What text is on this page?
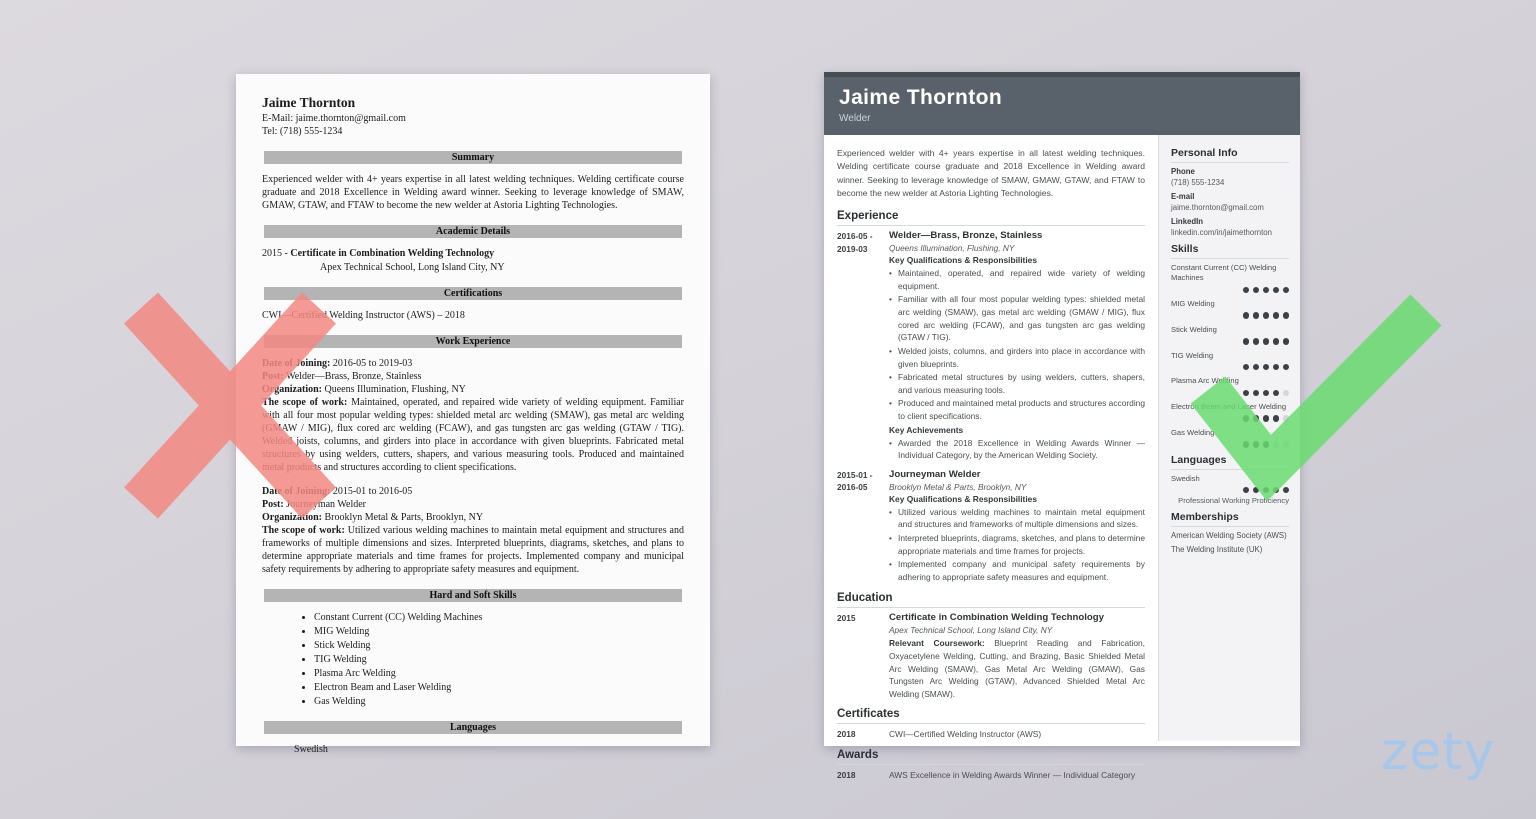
Jaime Thornton
E-Mail: jaime.thornton@gmail.com
Tel: (718) 555-1234
Summary

Experienced welder with 4+ years expertise in all latest welding techniques. Welding certificate course graduate and 2018 Excellence in Welding award winner. Seeking to leverage knowledge of SMAW, GMAW, GTAW, and FTAW to become the new welder at Astoria Lighting Technologies.

Academic Details

2015 - Certificate in Combination Welding Technology

Apex Technical School, Long Island City, NY

Certifications

CWI—Certified Welding Instructor (AWS) – 2018

Work Experience

Date of Joining: 2016-05 to 2019-03

Post: Welder—Brass, Bronze, Stainless

Organization: Queens Illumination, Flushing, NY

The scope of work: Maintained, operated, and repaired wide variety of welding equipment. Familiar with all four most popular welding types: shielded metal arc welding (SMAW), gas metal arc welding (GMAW / MIG), flux cored arc welding (FCAW), and gas tungsten arc gas welding (GTAW / TIG). Welded joists, columns, and girders into place in accordance with given blueprints. Fabricated metal structures by using welders, cutters, shapers, and various measuring tools. Produced and maintained metal products and structures according to client specifications.

Date of Joining: 2015-01 to 2016-05

Post: Journeyman Welder

Organization: Brooklyn Metal & Parts, Brooklyn, NY

The scope of work: Utilized various welding machines to maintain metal equipment and structures and frameworks of multiple dimensions and sizes. Interpreted blueprints, diagrams, sketches, and plans to determine appropriate materials and time frames for projects. Implemented company and municipal safety requirements by adhering to appropriate safety measures and equipment.

Hard and Soft Skills
• Constant Current (CC) Welding Machines
• MIG Welding
• Stick Welding
• TIG Welding
• Plasma Arc Welding
• Electron Beam and Laser Welding
• Gas Welding
Languages

Swedish

Jaime Thornton
Welder

Experienced welder with 4+ years expertise in all latest welding techniques. Welding certificate course graduate and 2018 Excellence in Welding award winner. Seeking to leverage knowledge of SMAW, GMAW, GTAW, and FTAW to become the new welder at Astoria Lighting Technologies.

Experience
2016-05 -
2019-03
Welder—Brass, Bronze, Stainless
Queens Illumination, Flushing, NY
Key Qualifications & Responsibilities
• Maintained, operated, and repaired wide variety of welding equipment.
• Familiar with all four most popular welding types: shielded metal arc welding (SMAW), gas metal arc welding (GMAW / MIG), flux cored arc welding (FCAW), and gas tungsten arc gas welding (GTAW / TIG).
• Welded joists, columns, and girders into place in accordance with given blueprints.
• Fabricated metal structures by using welders, cutters, shapers, and various measuring tools.
• Produced and maintained metal products and structures according to client specifications.
Key Achievements
• Awarded the 2018 Excellence in Welding Awards Winner — Individual Category, by the American Welding Society.
2015-01 -
2016-05
Journeyman Welder
Brooklyn Metal & Parts, Brooklyn, NY
Key Qualifications & Responsibilities
• Utilized various welding machines to maintain metal equipment and structures and frameworks of multiple dimensions and sizes.
• Interpreted blueprints, diagrams, sketches, and plans to determine appropriate materials and time frames for projects.
• Implemented company and municipal safety requirements by adhering to appropriate safety measures and equipment.
Education
2015	Certificate in Combination Welding Technology
Apex Technical School, Long Island City, NY

Relevant Coursework: Blueprint Reading and Fabrication, Oxyacetylene Welding, Cutting, and Brazing, Basic Shielded Metal Arc Welding (SMAW), Gas Metal Arc Welding (GMAW), Gas Tungsten Arc Welding (GTAW), Advanced Shielded Metal Arc Welding (SMAW).

Certificates
2018	CWI—Certified Welding Instructor (AWS)

Awards
2018	AWS Excellence in Welding Awards Winner — Individual Category

Personal Info
Phone
(718) 555-1234
E-mail
jaime.thornton@gmail.com
LinkedIn
linkedin.com/in/jaimethornton
Skills
Constant Current (CC) Welding Machines
MIG Welding
Stick Welding
TIG Welding
Plasma Arc Welding
Electron Beam and Laser Welding
Gas Welding
Languages
Swedish
Professional Working Proficiency
Memberships
American Welding Society (AWS)
The Welding Institute (UK)
zety
